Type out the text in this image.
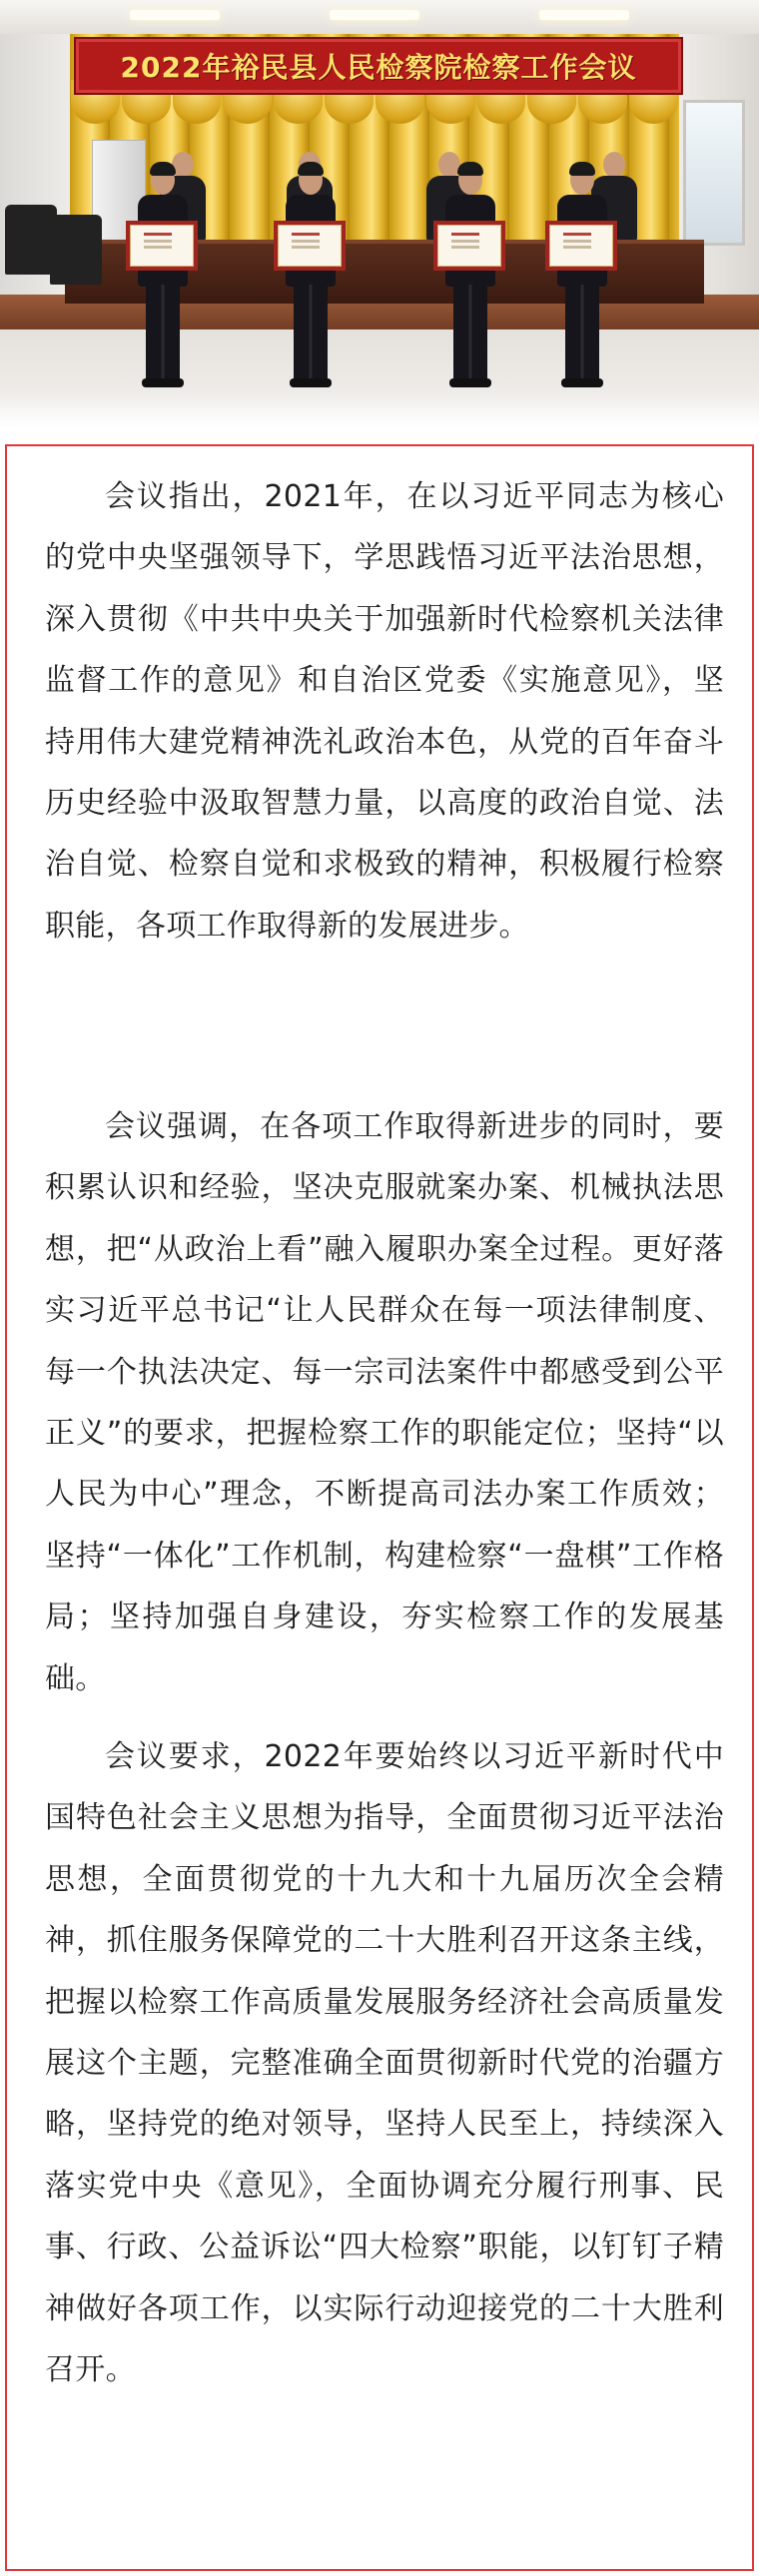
2022年裕民县人民检察院检察工作会议

会议指出，2021年，在以习近平同志为核心的党中央坚强领导下，学思践悟习近平法治思想，深入贯彻《中共中央关于加强新时代检察机关法律监督工作的意见》和自治区党委《实施意见》，坚持用伟大建党精神洗礼政治本色，从党的百年奋斗历史经验中汲取智慧力量，以高度的政治自觉、法治自觉、检察自觉和求极致的精神，积极履行检察职能，各项工作取得新的发展进步。

会议强调，在各项工作取得新进步的同时，要积累认识和经验，坚决克服就案办案、机械执法思想，把“从政治上看”融入履职办案全过程。更好落实习近平总书记“让人民群众在每一项法律制度、每一个执法决定、每一宗司法案件中都感受到公平正义”的要求，把握检察工作的职能定位；坚持“以人民为中心”理念，不断提高司法办案工作质效；坚持“一体化”工作机制，构建检察“一盘棋”工作格局；坚持加强自身建设，夯实检察工作的发展基础。

会议要求，2022年要始终以习近平新时代中国特色社会主义思想为指导，全面贯彻习近平法治思想，全面贯彻党的十九大和十九届历次全会精神，抓住服务保障党的二十大胜利召开这条主线，把握以检察工作高质量发展服务经济社会高质量发展这个主题，完整准确全面贯彻新时代党的治疆方略，坚持党的绝对领导，坚持人民至上，持续深入落实党中央《意见》，全面协调充分履行刑事、民事、行政、公益诉讼“四大检察”职能，以钉钉子精神做好各项工作，以实际行动迎接党的二十大胜利召开。
